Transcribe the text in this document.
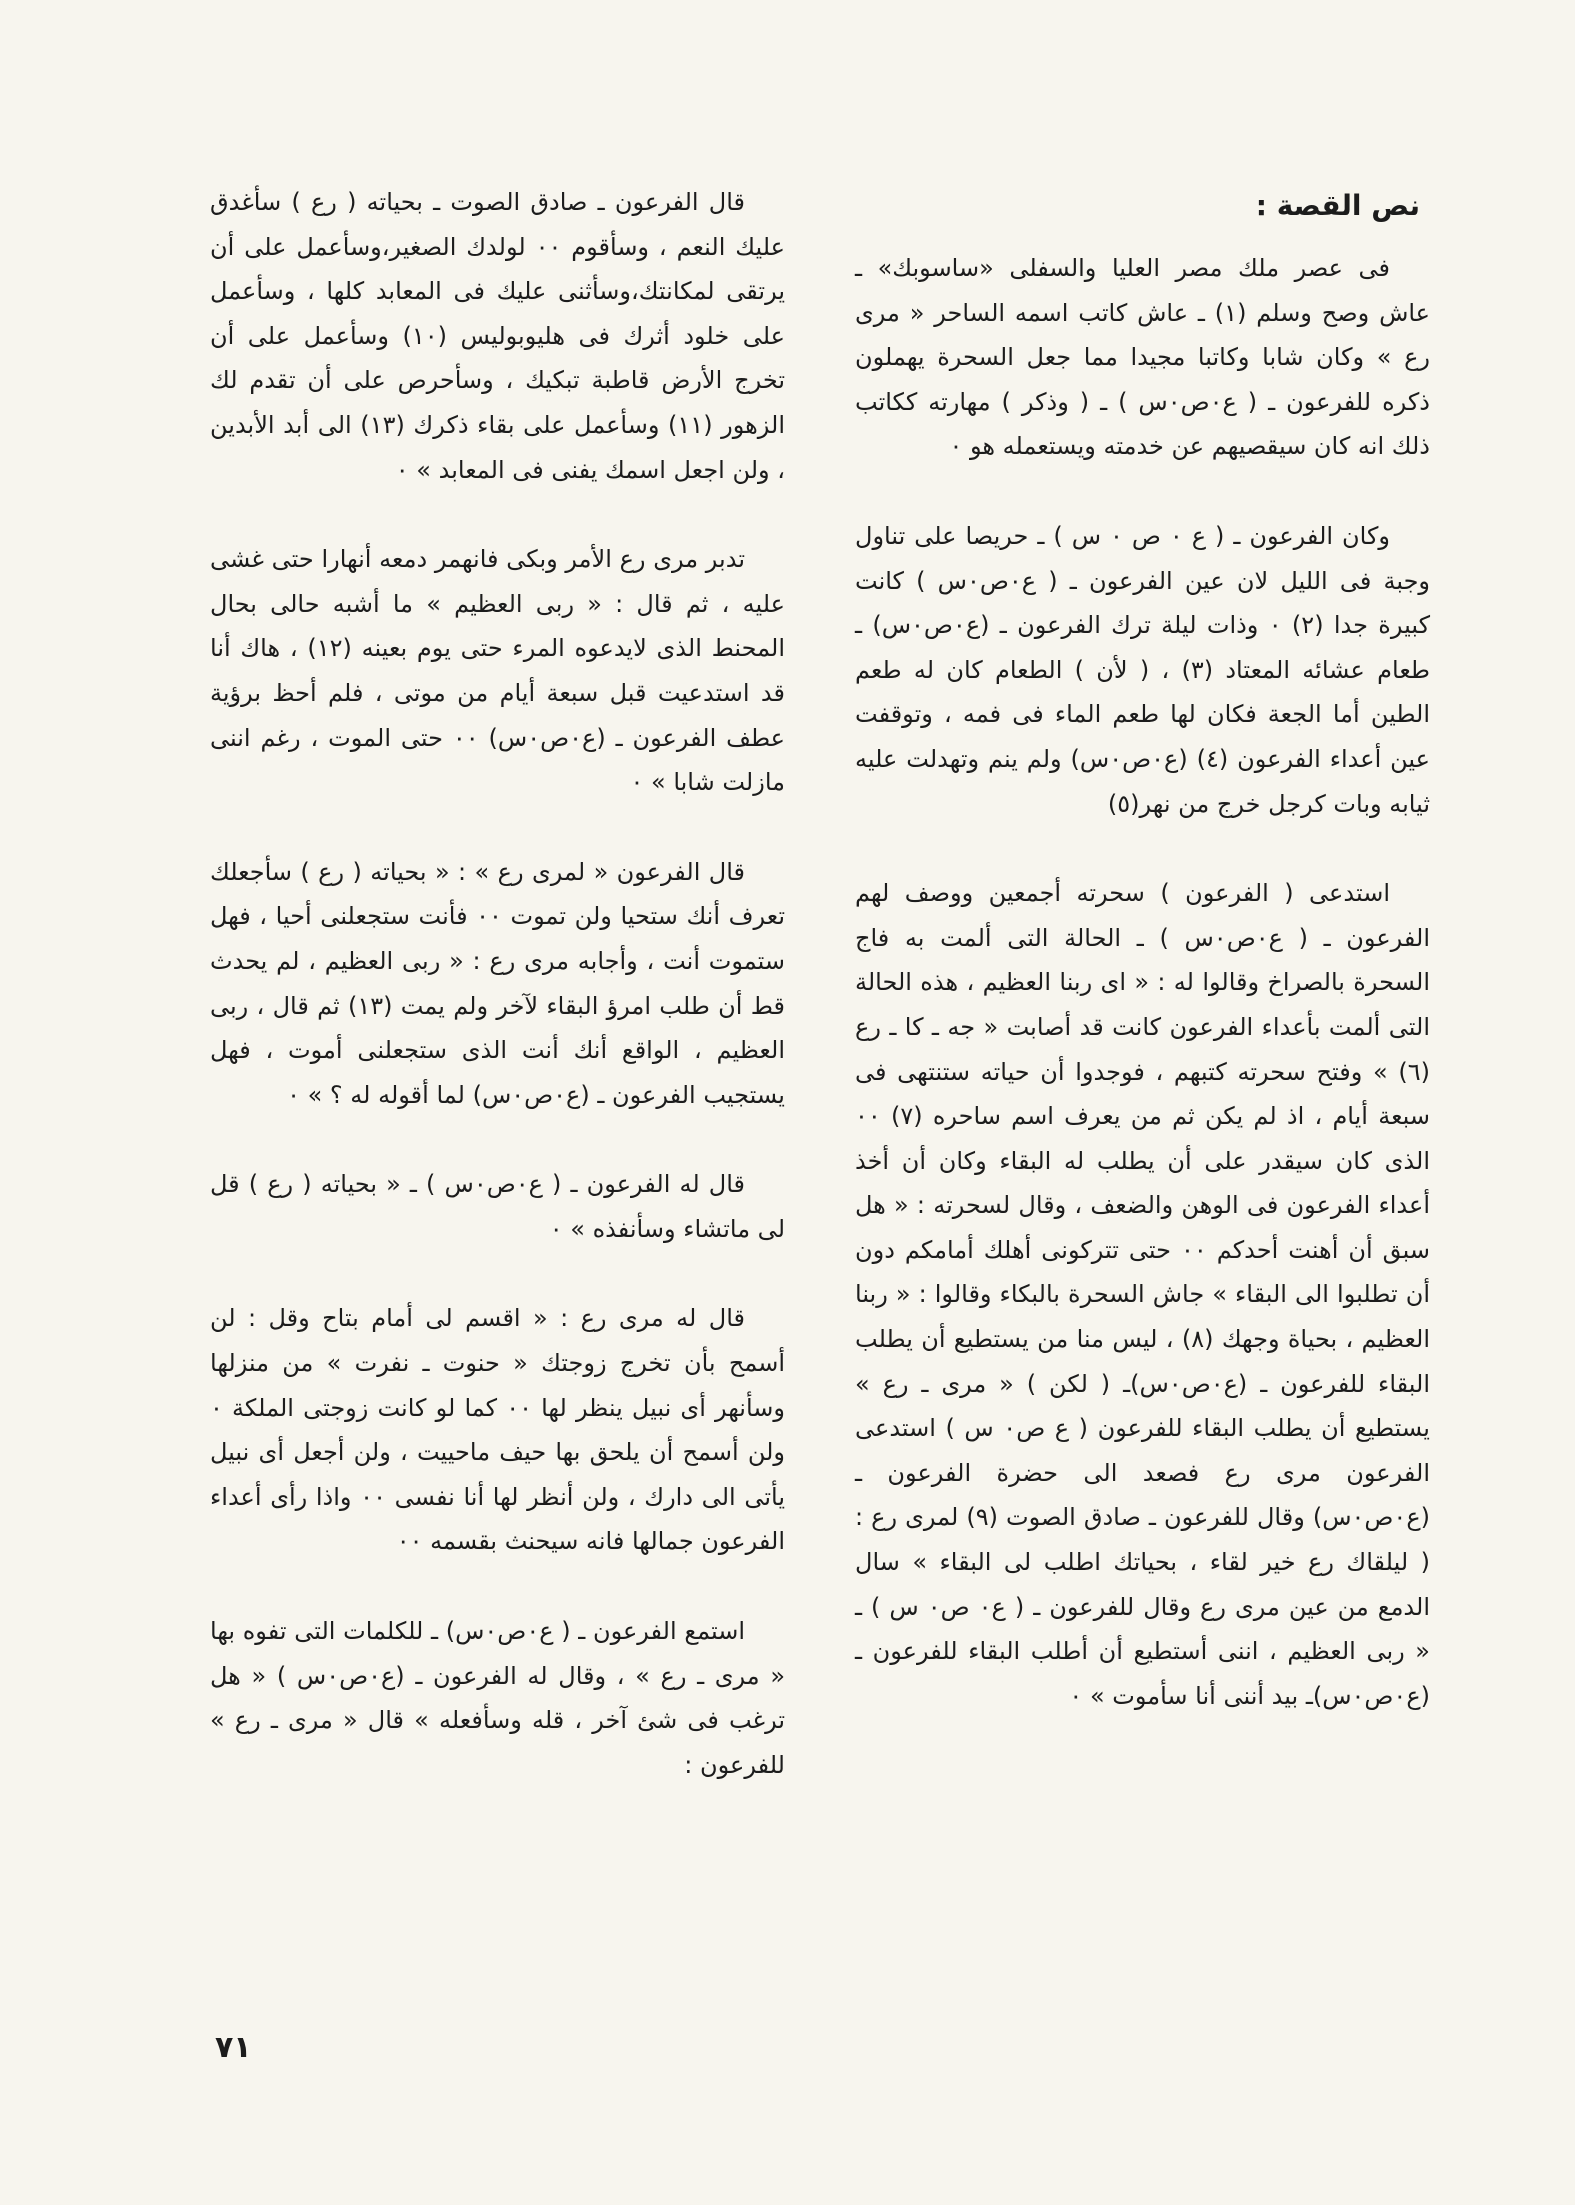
نص القصة :

فى عصر ملك مصر العليا والسفلى «ساسوبك» ـ عاش وصح وسلم (١) ـ عاش كاتب اسمه الساحر « مرى رع » وكان شابا وكاتبا مجيدا مما جعل السحرة يهملون ذكره للفرعون ـ ( ع٠ص٠س ) ـ ( وذكر ) مهارته ككاتب ذلك انه كان سيقصيهم عن خدمته ويستعمله هو ٠

وكان الفرعون ـ ( ع ٠ ص ٠ س ) ـ حريصا على تناول وجبة فى الليل لان عين الفرعون ـ ( ع٠ص٠س ) كانت كبيرة جدا (٢) ٠ وذات ليلة ترك الفرعون ـ (ع٠ص٠س) ـ طعام عشائه المعتاد (٣) ، ( لأن ) الطعام كان له طعم الطين أما الجعة فكان لها طعم الماء فى فمه ، وتوقفت عين أعداء الفرعون (٤) (ع٠ص٠س) ولم ينم وتهدلت عليه ثيابه وبات كرجل خرج من نهر(٥)

استدعى ( الفرعون ) سحرته أجمعين ووصف لهم الفرعون ـ ( ع٠ص٠س ) ـ الحالة التى ألمت به فاج السحرة بالصراخ وقالوا له : « اى ربنا العظيم ، هذه الحالة التى ألمت بأعداء الفرعون كانت قد أصابت « جه ـ كا ـ رع (٦) » وفتح سحرته كتبهم ، فوجدوا أن حياته ستنتهى فى سبعة أيام ، اذ لم يكن ثم من يعرف اسم ساحره (٧) ٠٠ الذى كان سيقدر على أن يطلب له البقاء وكان أن أخذ أعداء الفرعون فى الوهن والضعف ، وقال لسحرته : « هل سبق أن أهنت أحدكم ٠٠ حتى تتركونى أهلك أمامكم دون أن تطلبوا الى البقاء » جاش السحرة بالبكاء وقالوا : « ربنا العظيم ، بحياة وجهك (٨) ، ليس منا من يستطيع أن يطلب البقاء للفرعون ـ (ع٠ص٠س)ـ ( لكن ) « مرى ـ رع » يستطيع أن يطلب البقاء للفرعون ( ع ص٠ س ) استدعى الفرعون مرى رع فصعد الى حضرة الفرعون ـ (ع٠ص٠س) وقال للفرعون ـ صادق الصوت (٩) لمرى رع : ( ليلقاك رع خير لقاء ، بحياتك اطلب لى البقاء » سال الدمع من عين مرى رع وقال للفرعون ـ ( ع٠ ص٠ س ) ـ « ربى العظيم ، اننى أستطيع أن أطلب البقاء للفرعون ـ (ع٠ص٠س)ـ بيد أننى أنا سأموت » ٠

قال الفرعون ـ صادق الصوت ـ بحياته ( رع ) سأغدق عليك النعم ، وسأقوم ٠٠ لولدك الصغير،وسأعمل على أن يرتقى لمكانتك،وسأثنى عليك فى المعابد كلها ، وسأعمل على خلود أثرك فى هليوبوليس (١٠) وسأعمل على أن تخرج الأرض قاطبة تبكيك ، وسأحرص على أن تقدم لك الزهور (١١) وسأعمل على بقاء ذكرك (١٣) الى أبد الأبدين ، ولن اجعل اسمك يفنى فى المعابد » ٠

تدبر مرى رع الأمر وبكى فانهمر دمعه أنهارا حتى غشى عليه ، ثم قال : « ربى العظيم » ما أشبه حالى بحال المحنط الذى لايدعوه المرء حتى يوم بعينه (١٢) ، هاك أنا قد استدعيت قبل سبعة أيام من موتى ، فلم أحظ برؤية عطف الفرعون ـ (ع٠ص٠س) ٠٠ حتى الموت ، رغم اننى مازلت شابا » ٠

قال الفرعون « لمرى رع » : « بحياته ( رع ) سأجعلك تعرف أنك ستحيا ولن تموت ٠٠ فأنت ستجعلنى أحيا ، فهل ستموت أنت ، وأجابه مرى رع : « ربى العظيم ، لم يحدث قط أن طلب امرؤ البقاء لآخر ولم يمت (١٣) ثم قال ، ربى العظيم ، الواقع أنك أنت الذى ستجعلنى أموت ، فهل يستجيب الفرعون ـ (ع٠ص٠س) لما أقوله له ؟ » ٠

قال له الفرعون ـ ( ع٠ص٠س ) ـ « بحياته ( رع ) قل لى ماتشاء وسأنفذه » ٠

قال له مرى رع : « اقسم لى أمام بتاح وقل : لن أسمح بأن تخرج زوجتك « حنوت ـ نفرت » من منزلها وسأنهر أى نبيل ينظر لها ٠٠ كما لو كانت زوجتى الملكة ٠ ولن أسمح أن يلحق بها حيف ماحييت ، ولن أجعل أى نبيل يأتى الى دارك ، ولن أنظر لها أنا نفسى ٠٠ واذا رأى أعداء الفرعون جمالها فانه سيحنث بقسمه ٠٠

استمع الفرعون ـ ( ع٠ص٠س) ـ للكلمات التى تفوه بها « مرى ـ رع » ، وقال له الفرعون ـ (ع٠ص٠س ) « هل ترغب فى شئ آخر ، قله وسأفعله » قال « مرى ـ رع » للفرعون :

٧١
